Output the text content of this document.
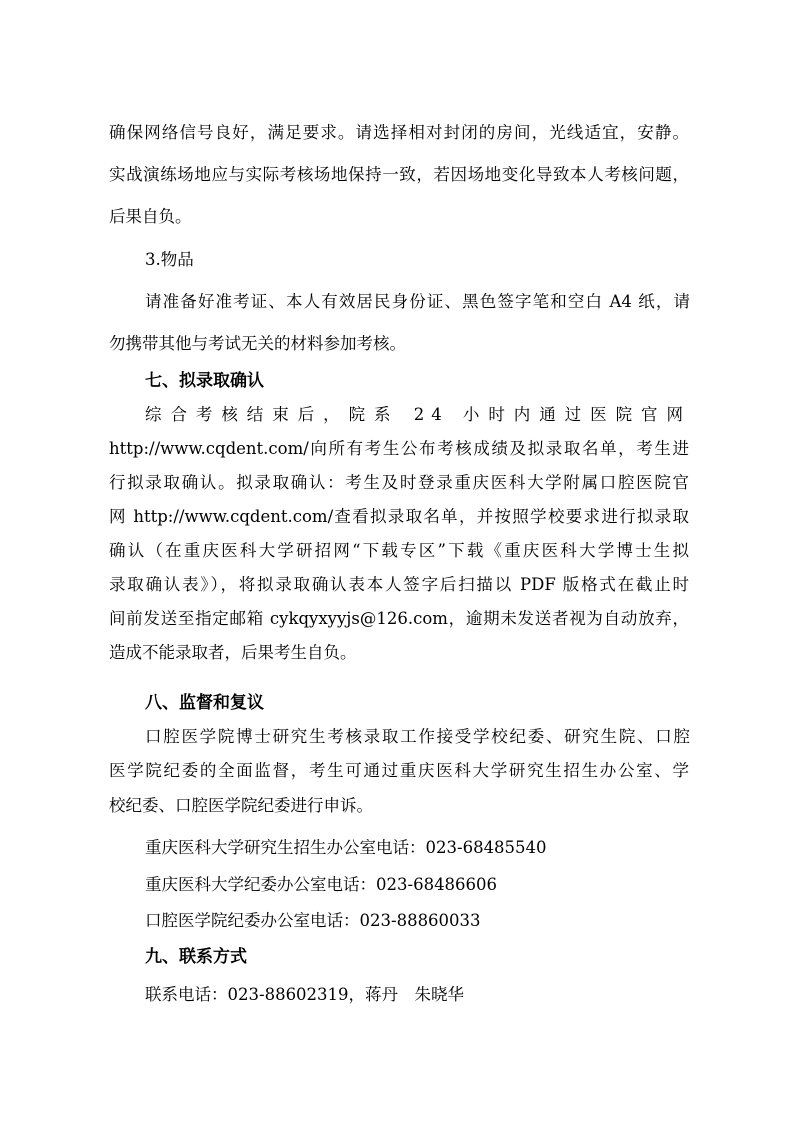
确保网络信号良好，满足要求。请选择相对封闭的房间，光线适宜，安静。
实战演练场地应与实际考核场地保持一致，若因场地变化导致本人考核问题，
后果自负。
3.物品
请准备好准考证、本人有效居民身份证、黑色签字笔和空白 A4 纸，请
勿携带其他与考试无关的材料参加考核。
七、拟录取确认
综合考核结束后，院系 24 小时内通过医院官网
http://www.cqdent.com/向所有考生公布考核成绩及拟录取名单，考生进
行拟录取确认。拟录取确认：考生及时登录重庆医科大学附属口腔医院官
网 http://www.cqdent.com/查看拟录取名单，并按照学校要求进行拟录取
确认（在重庆医科大学研招网“下载专区”下载《重庆医科大学博士生拟
录取确认表》），将拟录取确认表本人签字后扫描以 PDF 版格式在截止时
间前发送至指定邮箱 cykqyxyyjs@126.com，逾期未发送者视为自动放弃，
造成不能录取者，后果考生自负。
八、监督和复议
口腔医学院博士研究生考核录取工作接受学校纪委、研究生院、口腔
医学院纪委的全面监督，考生可通过重庆医科大学研究生招生办公室、学
校纪委、口腔医学院纪委进行申诉。
重庆医科大学研究生招生办公室电话：023-68485540
重庆医科大学纪委办公室电话：023-68486606
口腔医学院纪委办公室电话：023-88860033
九、联系方式
联系电话：023-88602319，蒋丹　朱晓华
